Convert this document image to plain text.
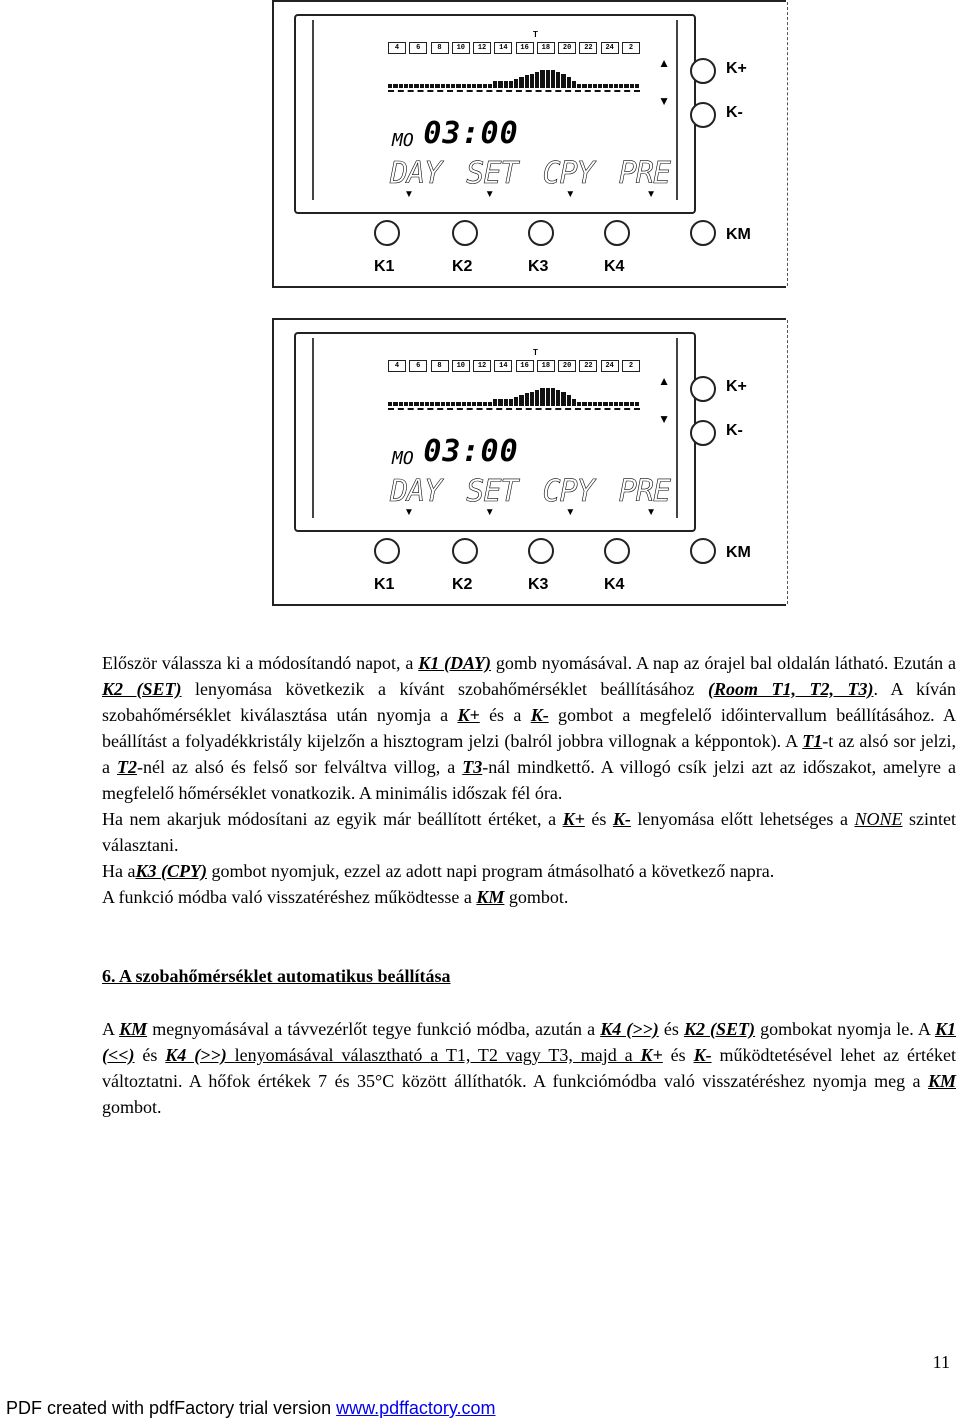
T
4	6	8	10	12	14	16	18	20	22	24	2
▲
▼
MO 03:00
DAY SET CPY PRE
▼	▼	▼	▼
K1	K2	K3	K4
K+
K-
KM
T
4	6	8	10	12	14	16	18	20	22	24	2
▲
▼
MO 03:00
DAY SET CPY PRE
▼	▼	▼	▼
K1	K2	K3	K4
K+
K-
KM

Először válassza ki a módosítandó napot, a K1 (DAY) gomb nyomásával. A nap az órajel bal oldalán látható. Ezután a K2 (SET) lenyomása következik a kívánt szobahőmérséklet beállításához (Room T1, T2, T3). A kíván szobahőmérséklet kiválasztása után nyomja a K+ és a K- gombot a megfelelő időintervallum beállításához. A beállítást a folyadékkristály kijelzőn a hisztogram jelzi (balról jobbra villognak a képpontok). A T1-t az alsó sor jelzi, a T2-nél az alsó és felső sor felváltva villog, a T3-nál mindkettő. A villogó csík jelzi azt az időszakot, amelyre a megfelelő hőmérséklet vonatkozik. A minimális időszak fél óra.

Ha nem akarjuk módosítani az egyik már beállított értéket, a K+ és K- lenyomása előtt lehetséges a NONE szintet választani.

Ha aK3 (CPY) gombot nyomjuk, ezzel az adott napi program átmásolható a következő napra.

A funkció módba való visszatéréshez működtesse a KM gombot.

6. A szobahőmérséklet automatikus beállítása

A KM megnyomásával a távvezérlőt tegye funkció módba, azután a K4 (>>) és K2 (SET) gombokat nyomja le. A K1 (<<) és K4 (>>) lenyomásával választható a T1, T2 vagy T3, majd a K+ és K- működtetésével lehet az értéket változtatni. A hőfok értékek 7 és 35°C között állíthatók. A funkciómódba való visszatéréshez nyomja meg a KM gombot.

11
PDF created with pdfFactory trial version www.pdffactory.com
